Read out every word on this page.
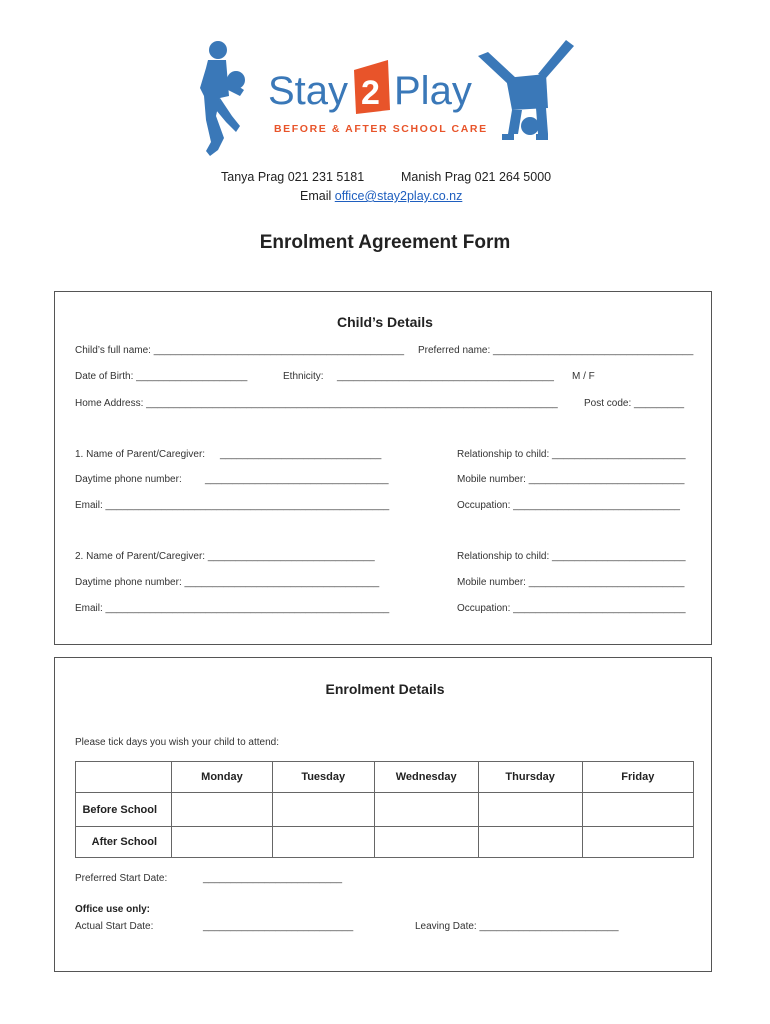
Stay 2 Play
BEFORE & AFTER SCHOOL CARE
Tanya Prag 021 231 5181	Manish Prag 021 264 5000
Email office@stay2play.co.nz
Enrolment Agreement Form
Child’s Details
Child’s full name: _____________________________________________ Preferred name: ____________________________________
Date of Birth: ____________________	Ethnicity: _______________________________________ M / F
Home Address: __________________________________________________________________________	Post code: _________
1. Name of Parent/Caregiver: _____________________________	Relationship to child: ________________________
Daytime phone number: _________________________________	Mobile number: ____________________________
Email: ___________________________________________________	Occupation: ______________________________
2. Name of Parent/Caregiver: ______________________________	Relationship to child: ________________________
Daytime phone number: ___________________________________	Mobile number: ____________________________
Email: ___________________________________________________	Occupation: _______________________________
Enrolment Details
Please tick days you wish your child to attend:
	Monday	Tuesday	Wednesday	Thursday	Friday
Before School					
After School					
Preferred Start Date:	_________________________
Office use only:
Actual Start Date:	___________________________	Leaving Date: _________________________
